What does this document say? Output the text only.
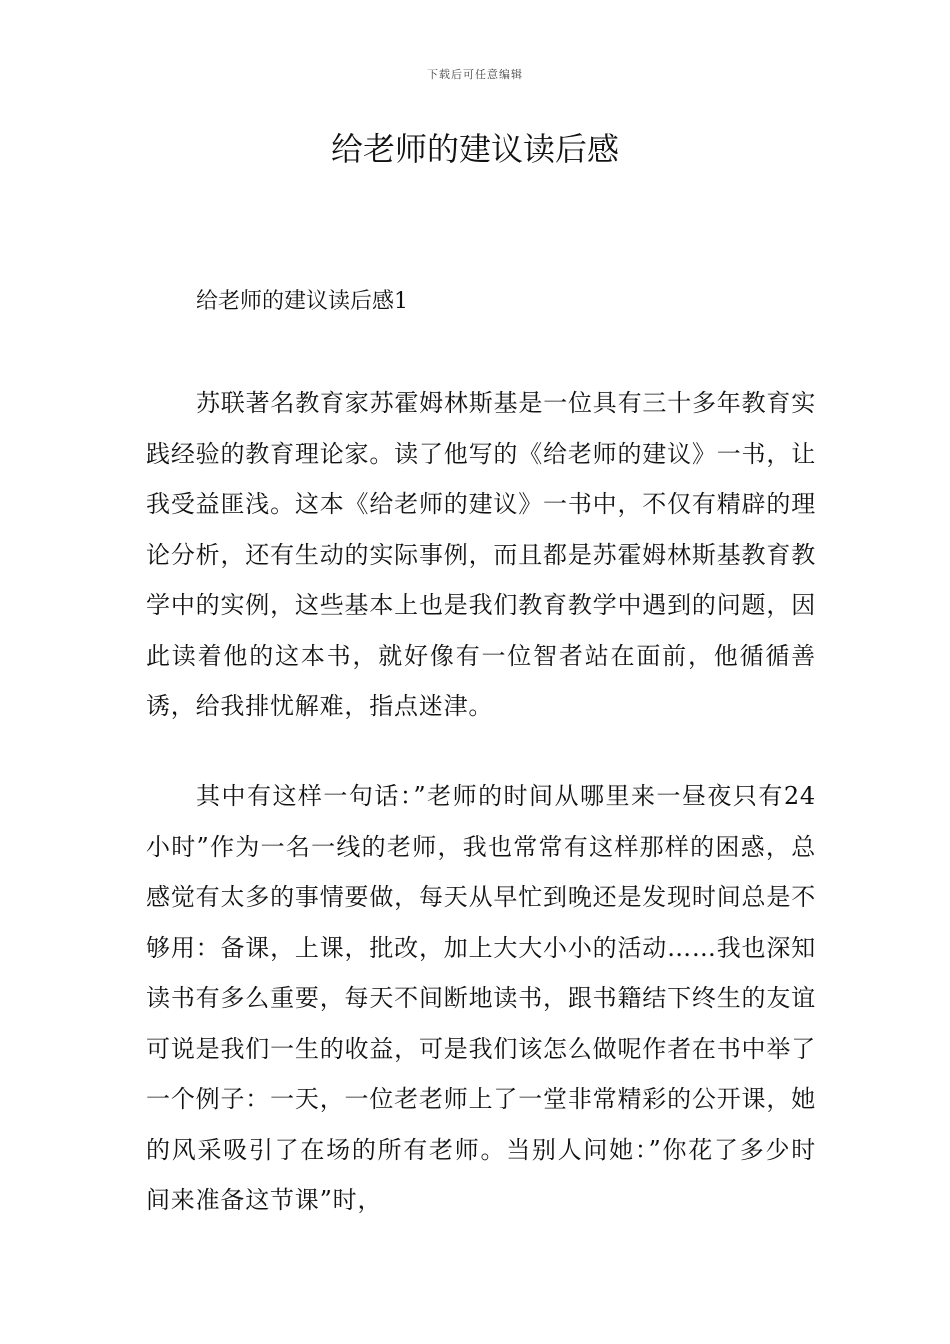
下载后可任意编辑
给老师的建议读后感

给老师的建议读后感1

苏联著名教育家苏霍姆林斯基是一位具有三十多年教育实践经验的教育理论家。读了他写的《给老师的建议》一书，让我受益匪浅。这本《给老师的建议》一书中，不仅有精辟的理论分析，还有生动的实际事例，而且都是苏霍姆林斯基教育教学中的实例，这些基本上也是我们教育教学中遇到的问题，因此读着他的这本书，就好像有一位智者站在面前，他循循善诱，给我排忧解难，指点迷津。

其中有这样一句话：”老师的时间从哪里来一昼夜只有24小时”作为一名一线的老师，我也常常有这样那样的困惑，总感觉有太多的事情要做，每天从早忙到晚还是发现时间总是不够用：备课，上课，批改，加上大大小小的活动……我也深知读书有多么重要，每天不间断地读书，跟书籍结下终生的友谊可说是我们一生的收益，可是我们该怎么做呢作者在书中举了一个例子：一天，一位老老师上了一堂非常精彩的公开课，她的风采吸引了在场的所有老师。当别人问她：”你花了多少时间来准备这节课”时，
